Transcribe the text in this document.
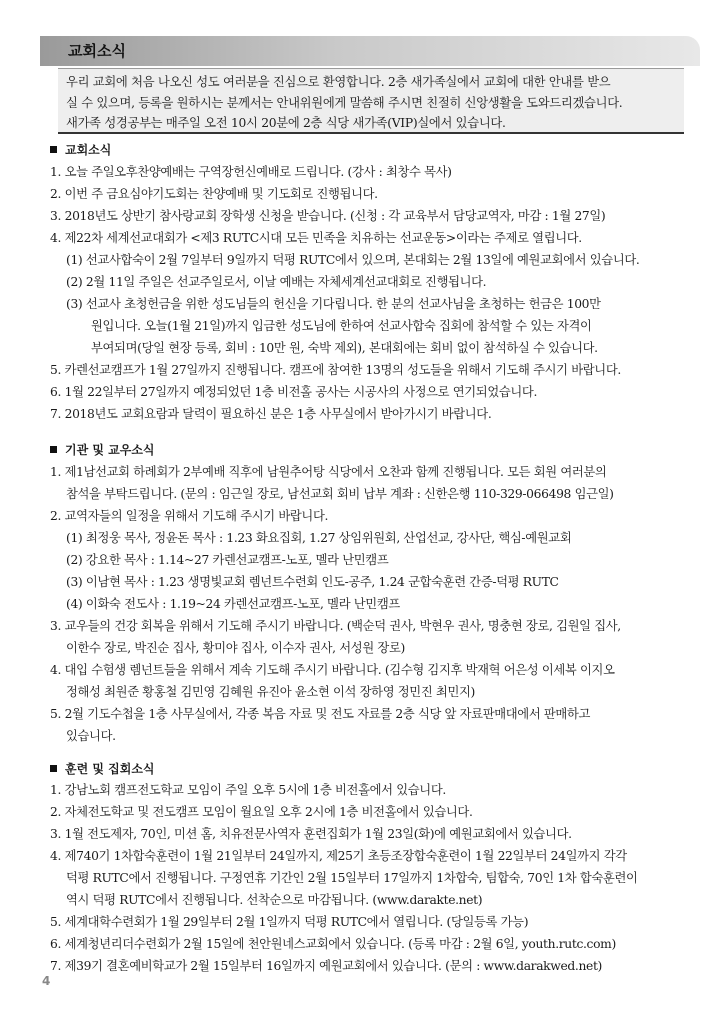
교회소식

우리 교회에 처음 나오신 성도 여러분을 진심으로 환영합니다. 2층 새가족실에서 교회에 대한 안내를 받으

실 수 있으며, 등록을 원하시는 분께서는 안내위원에게 말씀해 주시면 친절히 신앙생활을 도와드리겠습니다.

새가족 성경공부는 매주일 오전 10시 20분에 2층 식당 새가족(VIP)실에서 있습니다.

교회소식
1. 오늘 주일오후찬양예배는 구역장헌신예배로 드립니다. (강사 : 최창수 목사)
2. 이번 주 금요심야기도회는 찬양예배 및 기도회로 진행됩니다.
3. 2018년도 상반기 참사랑교회 장학생 신청을 받습니다. (신청 : 각 교육부서 담당교역자, 마감 : 1월 27일)
4. 제22차 세계선교대회가 <제3 RUTC시대 모든 민족을 치유하는 선교운동>이라는 주제로 열립니다.
(1) 선교사합숙이 2월 7일부터 9일까지 덕평 RUTC에서 있으며, 본대회는 2월 13일에 예원교회에서 있습니다.
(2) 2월 11일 주일은 선교주일로서, 이날 예배는 자체세계선교대회로 진행됩니다.
(3) 선교사 초청헌금을 위한 성도님들의 헌신을 기다립니다. 한 분의 선교사님을 초청하는 헌금은 100만
원입니다. 오늘(1월 21일)까지 입금한 성도님에 한하여 선교사합숙 집회에 참석할 수 있는 자격이
부여되며(당일 현장 등록, 회비 : 10만 원, 숙박 제외), 본대회에는 회비 없이 참석하실 수 있습니다.
5. 카렌선교캠프가 1월 27일까지 진행됩니다. 캠프에 참여한 13명의 성도들을 위해서 기도해 주시기 바랍니다.
6. 1월 22일부터 27일까지 예정되었던 1층 비전홀 공사는 시공사의 사정으로 연기되었습니다.
7. 2018년도 교회요람과 달력이 필요하신 분은 1층 사무실에서 받아가시기 바랍니다.
기관 및 교우소식
1. 제1남선교회 하례회가 2부예배 직후에 남원추어탕 식당에서 오찬과 함께 진행됩니다. 모든 회원 여러분의
참석을 부탁드립니다. (문의 : 임근일 장로, 남선교회 회비 납부 계좌 : 신한은행 110-329-066498 임근일)
2. 교역자들의 일정을 위해서 기도해 주시기 바랍니다.
(1) 최정웅 목사, 정윤돈 목사 : 1.23 화요집회, 1.27 상임위원회, 산업선교, 강사단, 핵심-예원교회
(2) 강요한 목사 : 1.14~27 카렌선교캠프-노포, 멜라 난민캠프
(3) 이남현 목사 : 1.23 생명빛교회 렘넌트수련회 인도-공주, 1.24 군합숙훈련 간증-덕평 RUTC
(4) 이화숙 전도사 : 1.19~24 카렌선교캠프-노포, 멜라 난민캠프
3. 교우들의 건강 회복을 위해서 기도해 주시기 바랍니다. (백순덕 권사, 박현우 권사, 명충현 장로, 김원일 집사,
이한수 장로, 박진순 집사, 황미야 집사, 이수자 권사, 서성원 장로)
4. 대입 수험생 렘넌트들을 위해서 계속 기도해 주시기 바랍니다. (김수형 김지후 박재혁 어은성 이세복 이지오
정해성 최원준 황홍철 김민영 김혜원 유진아 윤소현 이석 장하영 정민진 최민지)
5. 2월 기도수첩을 1층 사무실에서, 각종 복음 자료 및 전도 자료를 2층 식당 앞 자료판매대에서 판매하고
있습니다.
훈련 및 집회소식
1. 강남노회 캠프전도학교 모임이 주일 오후 5시에 1층 비전홀에서 있습니다.
2. 자체전도학교 및 전도캠프 모임이 월요일 오후 2시에 1층 비전홀에서 있습니다.
3. 1월 전도제자, 70인, 미션 홈, 치유전문사역자 훈련집회가 1월 23일(화)에 예원교회에서 있습니다.
4. 제740기 1차합숙훈련이 1월 21일부터 24일까지, 제25기 초등조장합숙훈련이 1월 22일부터 24일까지 각각
덕평 RUTC에서 진행됩니다. 구정연휴 기간인 2월 15일부터 17일까지 1차합숙, 팀합숙, 70인 1차 합숙훈련이
역시 덕평 RUTC에서 진행됩니다. 선착순으로 마감됩니다. (www.darakte.net)
5. 세계대학수련회가 1월 29일부터 2월 1일까지 덕평 RUTC에서 열립니다. (당일등록 가능)
6. 세계청년리더수련회가 2월 15일에 천안원네스교회에서 있습니다. (등록 마감 : 2월 6일, youth.rutc.com)
7. 제39기 결혼예비학교가 2월 15일부터 16일까지 예원교회에서 있습니다. (문의 : www.darakwed.net)
4
